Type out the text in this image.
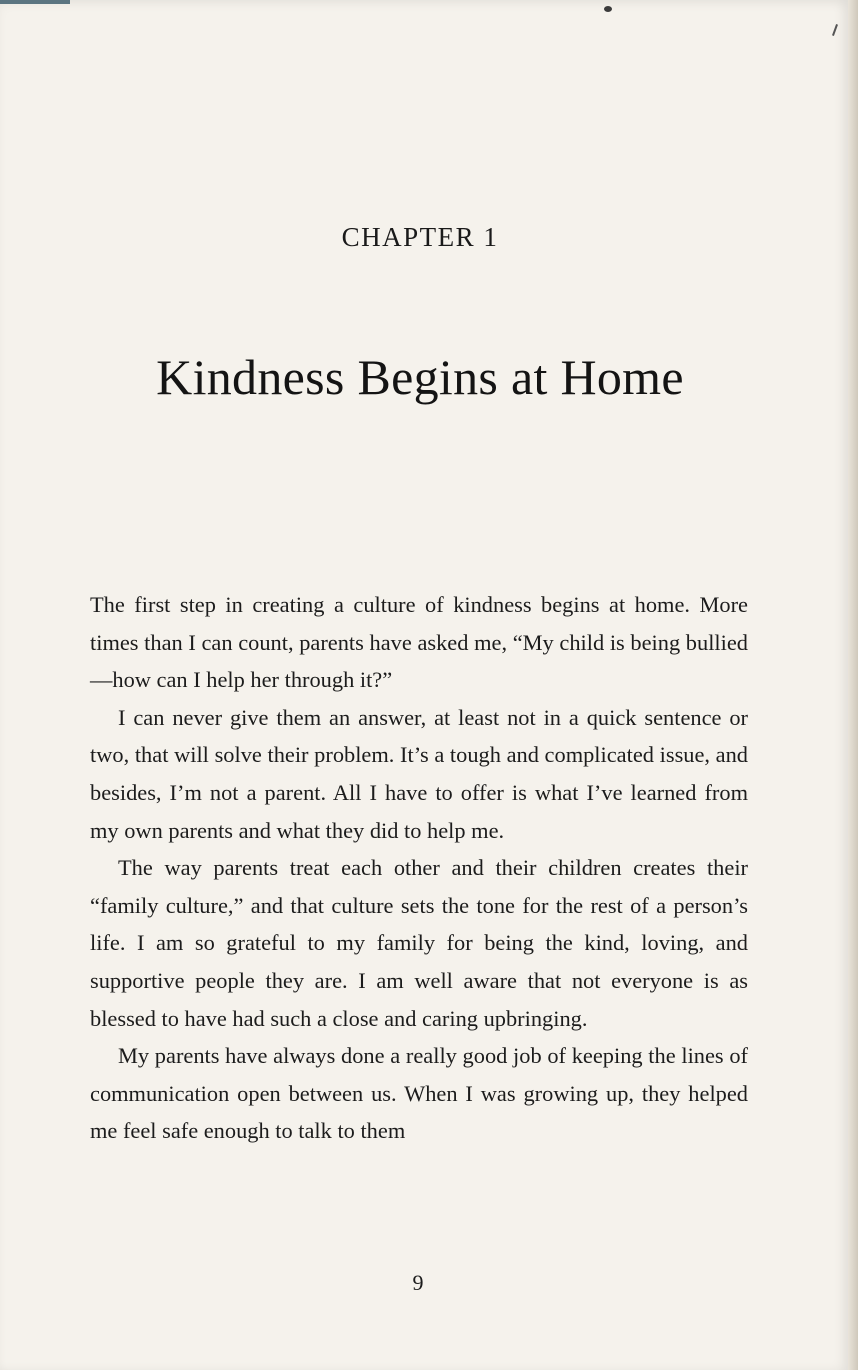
CHAPTER 1
Kindness Begins at Home

The first step in creating a culture of kindness begins at home. More times than I can count, parents have asked me, “My child is being bullied—how can I help her through it?”

I can never give them an answer, at least not in a quick sentence or two, that will solve their problem. It’s a tough and complicated issue, and besides, I’m not a parent. All I have to offer is what I’ve learned from my own parents and what they did to help me.

The way parents treat each other and their children creates their “family culture,” and that culture sets the tone for the rest of a person’s life. I am so grateful to my family for being the kind, loving, and supportive people they are. I am well aware that not everyone is as blessed to have had such a close and caring upbringing.

My parents have always done a really good job of keeping the lines of communication open between us. When I was growing up, they helped me feel safe enough to talk to them

9
